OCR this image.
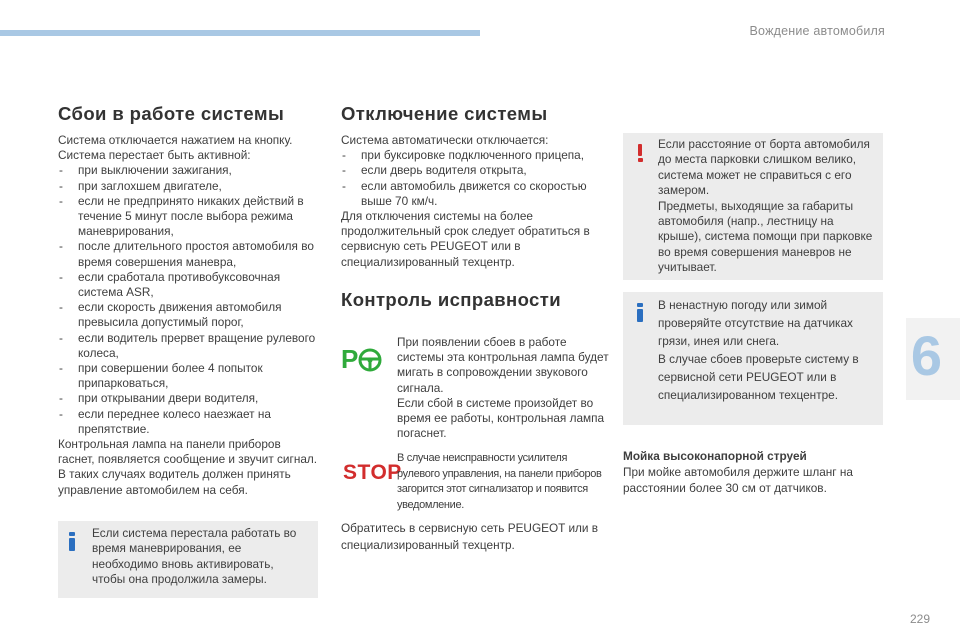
Вождение автомобиля
6
Сбои в работе системы

Система отключается нажатием на кнопку.

Система перестает быть активной:

-	при выключении зажигания,
-	при заглохшем двигателе,
-	если не предпринято никаких действий в течение 5 минут после выбора режима маневрирования,
-	после длительного простоя автомобиля во время совершения маневра,
-	если сработала противобуксовочная система ASR,
-	если скорость движения автомобиля превысила допустимый порог,
-	если водитель прервет вращение рулевого колеса,
-	при совершении более 4 попыток припарковаться,
-	при открывании двери водителя,
-	если переднее колесо наезжает на препятствие.

Контрольная лампа на панели приборов гаснет, появляется сообщение и звучит сигнал.

В таких случаях водитель должен принять управление автомобилем на себя.

Если система перестала работать во время маневрирования, ее необходимо вновь активировать, чтобы она продолжила замеры.
Отключение системы

Система автоматически отключается:

-	при буксировке подключенного прицепа,
-	если дверь водителя открыта,
-	если автомобиль движется со скоростью выше 70 км/ч.

Для отключения системы на более продолжительный срок следует обратиться в сервисную сеть PEUGEOT или в специализированный техцентр.

Контроль исправности
P

При появлении сбоев в работе системы эта контрольная лампа будет мигать в сопровождении звукового сигнала.

Если сбой в системе произойдет во время ее работы, контрольная лампа погаснет.

STOP
В случае неисправности усилителя рулевого управления, на панели приборов загорится этот сигнализатор и появится уведомление.
Обратитесь в сервисную сеть PEUGEOT или в специализированный техцентр.

Если расстояние от борта автомобиля до места парковки слишком велико, система может не справиться с его замером.

Предметы, выходящие за габариты автомобиля (напр., лестницу на крыше), система помощи при парковке во время совершения маневров не учитывает.

В ненастную погоду или зимой проверяйте отсутствие на датчиках грязи, инея или снега.

В случае сбоев проверьте систему в сервисной сети PEUGEOT или в специализированном техцентре.

Мойка высоконапорной струей

При мойке автомобиля держите шланг на расстоянии более 30 см от датчиков.

229
